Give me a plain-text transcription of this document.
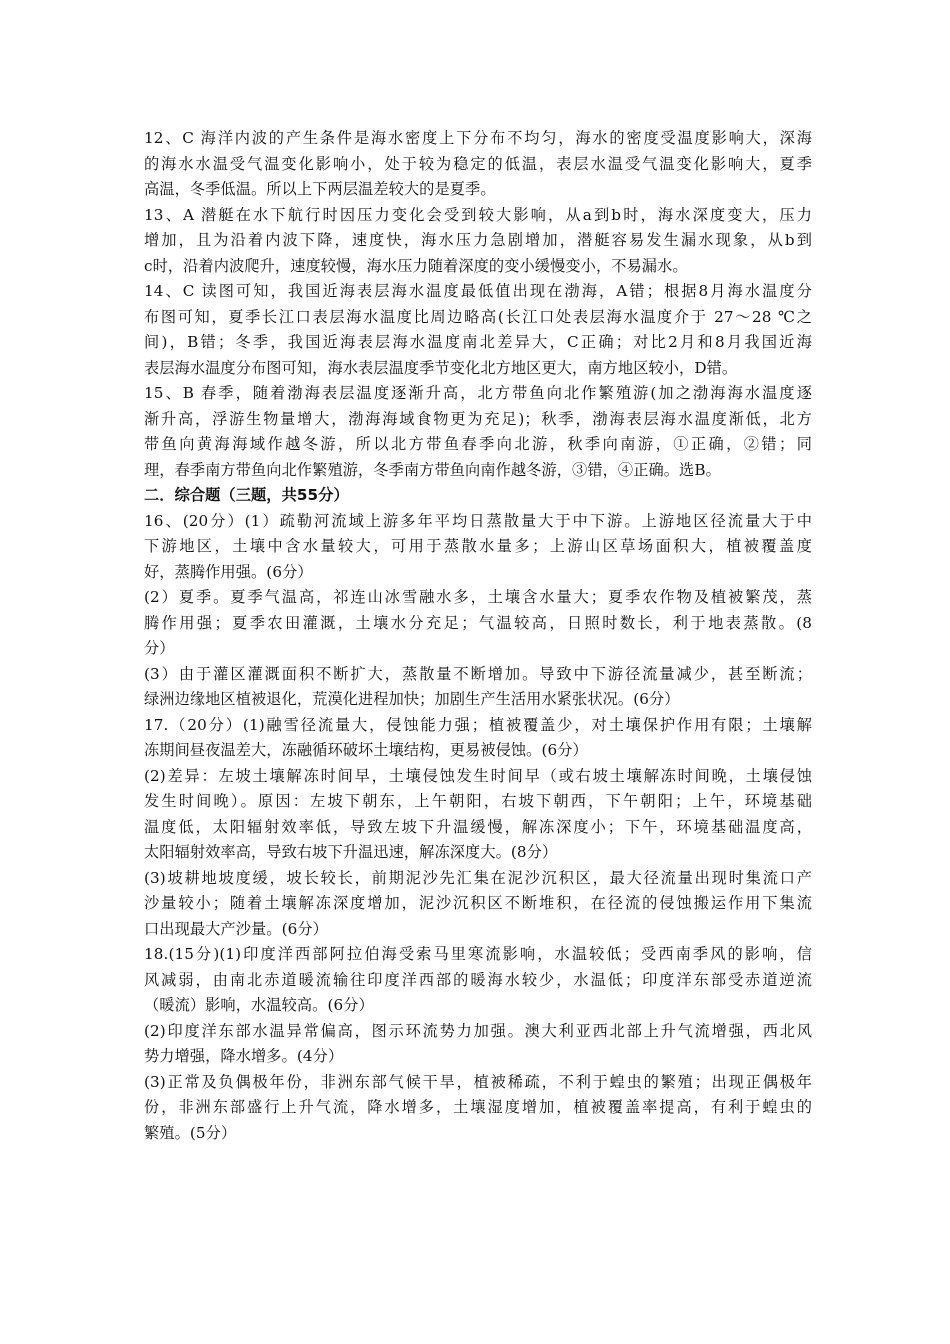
12、C 海洋内波的产生条件是海水密度上下分布不均匀，海水的密度受温度影响大，深海
的海水水温受气温变化影响小，处于较为稳定的低温，表层水温受气温变化影响大，夏季
高温，冬季低温。所以上下两层温差较大的是夏季。
13、A 潜艇在水下航行时因压力变化会受到较大影响，从a到b时，海水深度变大，压力
增加，且为沿着内波下降，速度快，海水压力急剧增加，潜艇容易发生漏水现象，从b到
c时，沿着内波爬升，速度较慢，海水压力随着深度的变小缓慢变小，不易漏水。
14、C 读图可知，我国近海表层海水温度最低值出现在渤海，A错；根据8月海水温度分
布图可知，夏季长江口表层海水温度比周边略高(长江口处表层海水温度介于 27～28 ℃之
间)，B错；冬季，我国近海表层海水温度南北差异大，C正确；对比2月和8月我国近海
表层海水温度分布图可知，海水表层温度季节变化北方地区更大，南方地区较小，D错。
15、B 春季，随着渤海表层温度逐渐升高，北方带鱼向北作繁殖游(加之渤海海水温度逐
渐升高，浮游生物量增大，渤海海域食物更为充足)；秋季，渤海表层海水温度渐低，北方
带鱼向黄海海域作越冬游，所以北方带鱼春季向北游，秋季向南游，①正确，②错；同
理，春季南方带鱼向北作繁殖游，冬季南方带鱼向南作越冬游，③错，④正确。选B。
二．综合题（三题，共55分）
16、(20分）(1）疏勒河流域上游多年平均日蒸散量大于中下游。上游地区径流量大于中
下游地区，土壤中含水量较大，可用于蒸散水量多；上游山区草场面积大，植被覆盖度
好，蒸腾作用强。(6分）
(2）夏季。夏季气温高，祁连山冰雪融水多，土壤含水量大；夏季农作物及植被繁茂，蒸
腾作用强；夏季农田灌溉，土壤水分充足；气温较高，日照时数长，利于地表蒸散。(8
分）
(3）由于灌区灌溉面积不断扩大，蒸散量不断增加。导致中下游径流量减少，甚至断流；
绿洲边缘地区植被退化，荒漠化进程加快；加剧生产生活用水紧张状况。(6分）
17.（20分）(1)融雪径流量大，侵蚀能力强；植被覆盖少，对土壤保护作用有限；土壤解
冻期间昼夜温差大，冻融循环破坏土壤结构，更易被侵蚀。(6分）
(2)差异：左坡土壤解冻时间早，土壤侵蚀发生时间早（或右坡土壤解冻时间晚，土壤侵蚀
发生时间晚）。原因：左坡下朝东，上午朝阳，右坡下朝西，下午朝阳；上午，环境基础
温度低，太阳辐射效率低，导致左坡下升温缓慢，解冻深度小；下午，环境基础温度高，
太阳辐射效率高，导致右坡下升温迅速，解冻深度大。(8分）
(3)坡耕地坡度缓，坡长较长，前期泥沙先汇集在泥沙沉积区，最大径流量出现时集流口产
沙量较小；随着土壤解冻深度增加，泥沙沉积区不断堆积，在径流的侵蚀搬运作用下集流
口出现最大产沙量。(6分）
18.(15分)(1)印度洋西部阿拉伯海受索马里寒流影响，水温较低；受西南季风的影响，信
风减弱，由南北赤道暖流输往印度洋西部的暖海水较少，水温低；印度洋东部受赤道逆流
（暖流）影响，水温较高。(6分）
(2)印度洋东部水温异常偏高，图示环流势力加强。澳大利亚西北部上升气流增强，西北风
势力增强，降水增多。(4分）
(3)正常及负偶极年份，非洲东部气候干旱，植被稀疏，不利于蝗虫的繁殖；出现正偶极年
份，非洲东部盛行上升气流，降水增多，土壤湿度增加，植被覆盖率提高，有利于蝗虫的
繁殖。(5分）
